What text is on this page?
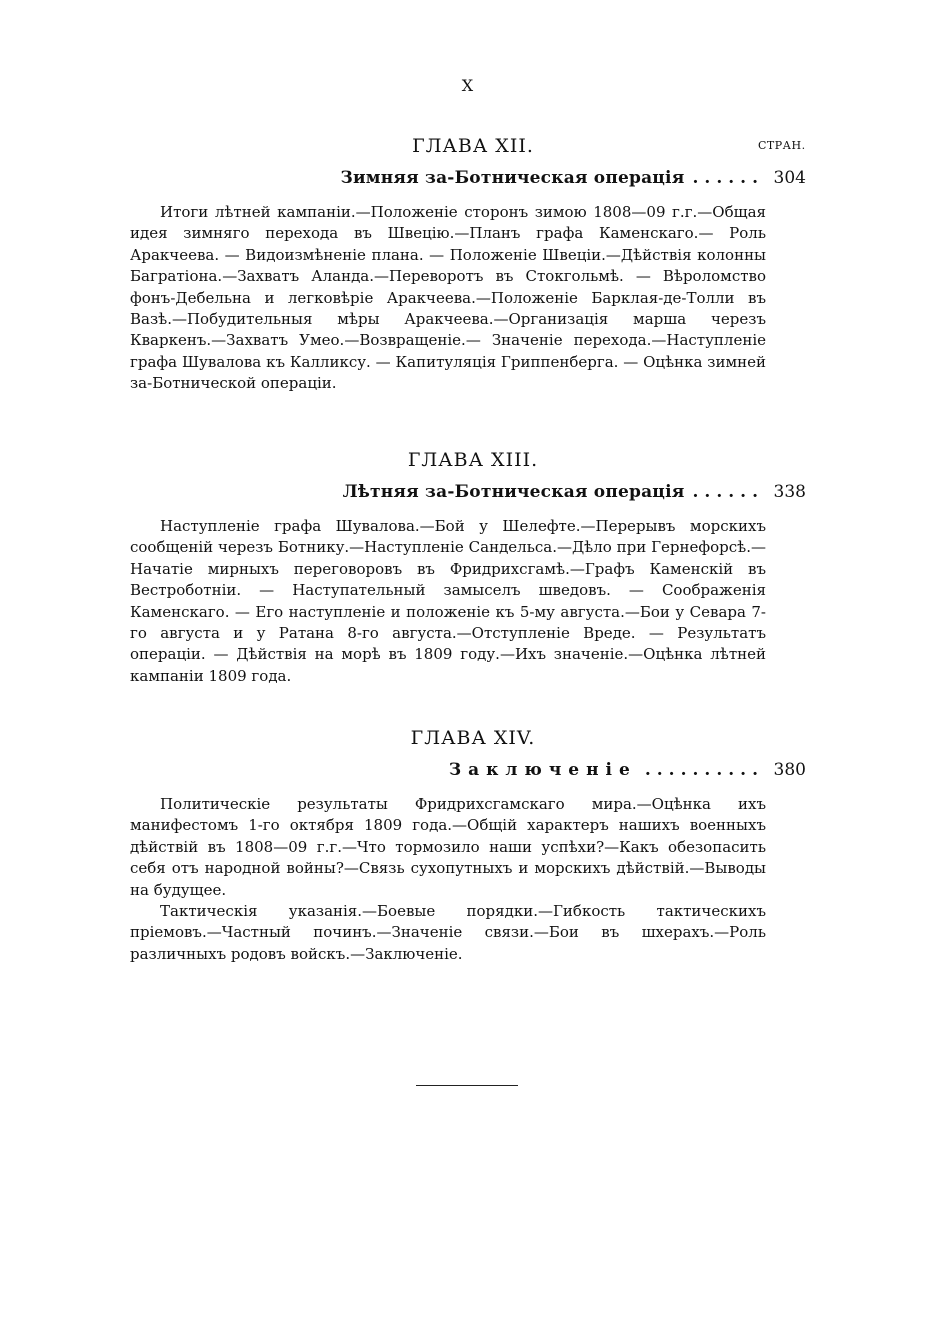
X
СТРАН.
ГЛАВА XII.
Зимняя за-Ботническая операція ...... 304

Итоги лѣтней кампаніи.—Положеніе сторонъ зимою 1808—09 г.г.—Общая идея зимняго перехода въ Швецію.—Планъ графа Каменскаго.— Роль Аракчеева. — Видоизмѣненіе плана. — Положеніе Швеціи.—Дѣйствія колонны Багратіона.—Захватъ Аланда.—Переворотъ въ Стокгольмѣ. — Вѣроломство фонъ-Дебельна и легковѣріе Аракчеева.—Положеніе Барклая-де-Толли въ Вазѣ.—Побудительныя мѣры Аракчеева.—Организація марша черезъ Кваркенъ.—Захватъ Умео.—Возвращеніе.— Значеніе перехода.—Наступленіе графа Шувалова къ Калликсу. — Капитуляція Гриппенберга. — Оцѣнка зимней за-Ботнической операціи.

ГЛАВА XIII.
Лѣтняя за-Ботническая операція ...... 338

Наступленіе графа Шувалова.—Бой у Шелефте.—Перерывъ морскихъ сообщеній черезъ Ботнику.—Наступленіе Сандельса.—Дѣло при Гернефорсѣ.—Начатіе мирныхъ переговоровъ въ Фридрихсгамѣ.—Графъ Каменскій въ Вестроботніи. — Наступательный замыселъ шведовъ. — Соображенія Каменскаго. — Его наступленіе и положеніе къ 5-му августа.—Бои у Севара 7-го августа и у Ратана 8-го августа.—Отступленіе Вреде. — Результатъ операціи. — Дѣйствія на морѣ въ 1809 году.—Ихъ значеніе.—Оцѣнка лѣтней кампаніи 1809 года.

ГЛАВА XIV.
Заключеніе .......... 380

Политическіе результаты Фридрихсгамскаго мира.—Оцѣнка ихъ манифестомъ 1-го октября 1809 года.—Общій характеръ нашихъ военныхъ дѣйствій въ 1808—09 г.г.—Что тормозило наши успѣхи?—Какъ обезопасить себя отъ народной войны?—Связь сухопутныхъ и морскихъ дѣйствій.—Выводы на будущее.

Тактическія указанія.—Боевые порядки.—Гибкость тактическихъ пріемовъ.—Частный починъ.—Значеніе связи.—Бои въ шхерахъ.—Роль различныхъ родовъ войскъ.—Заключеніе.
